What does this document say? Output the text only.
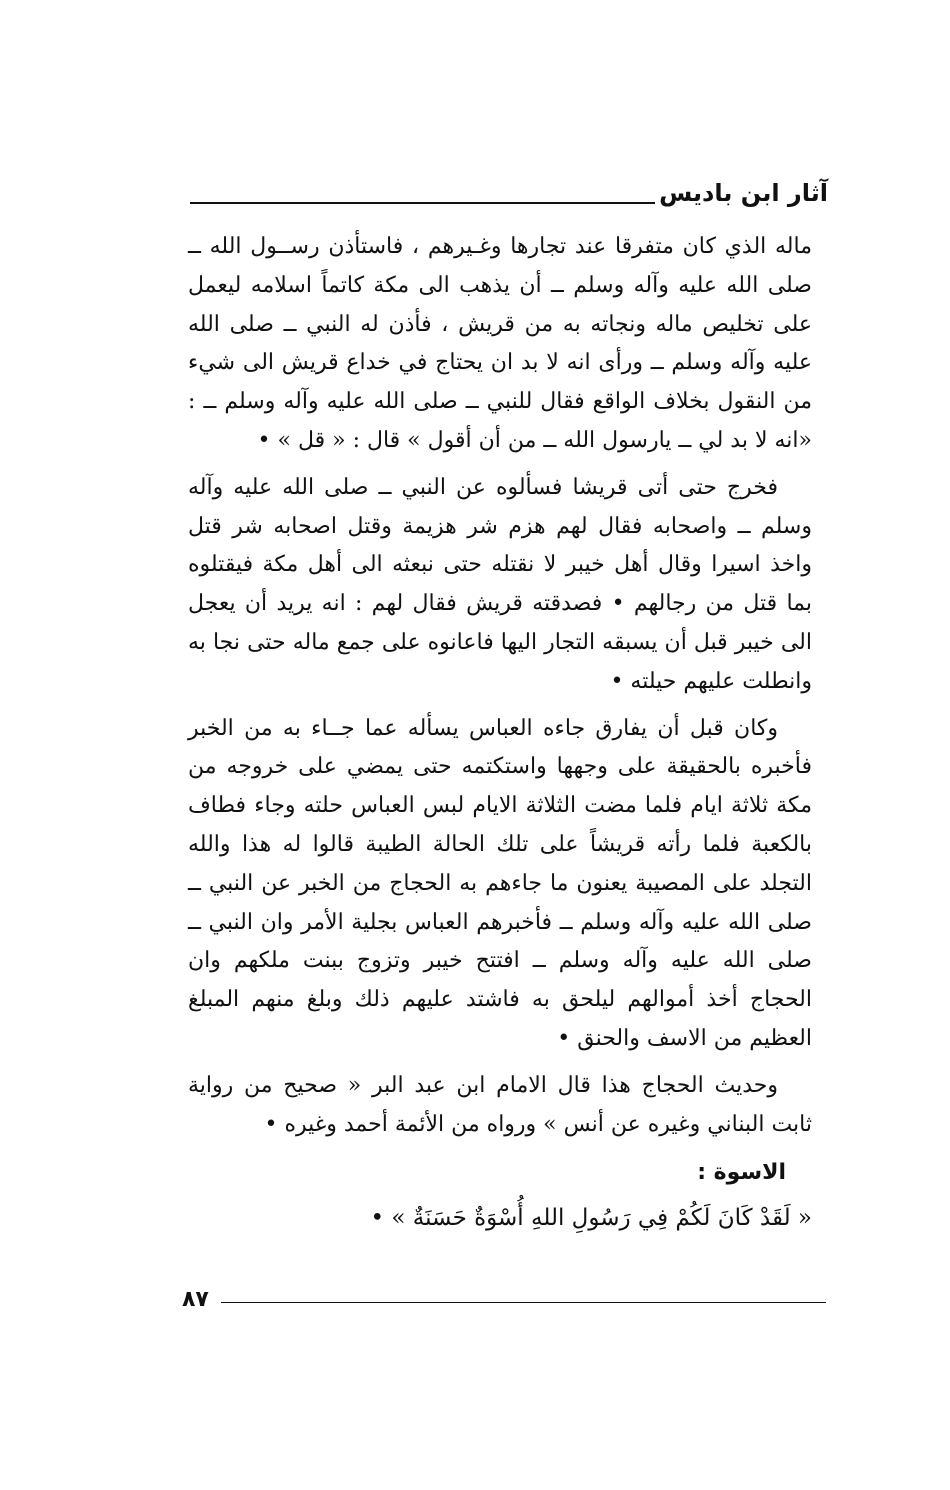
آثار ابن باديس

ماله الذي كان متفرقا عند تجارها وغـيرهم ، فاستأذن رســول الله ــ صلى الله عليه وآله وسلم ــ أن يذهب الى مكة كاتماً اسلامه ليعمل على تخليص ماله ونجاته به من قريش ، فأذن له النبي ــ صلى الله عليه وآله وسلم ــ ورأى انه لا بد ان يحتاج في خداع قريش الى شيء من النقول بخلاف الواقع فقال للنبي ــ صلى الله عليه وآله وسلم ــ : «انه لا بد لي ــ يارسول الله ــ من أن أقول » قال : « قل » •

فخرج حتى أتى قريشا فسألوه عن النبي ــ صلى الله عليه وآله وسلم ــ واصحابه فقال لهم هزم شر هزيمة وقتل اصحابه شر قتل واخذ اسيرا وقال أهل خيبر لا نقتله حتى نبعثه الى أهل مكة فيقتلوه بما قتل من رجالهم • فصدقته قريش فقال لهم : انه يريد أن يعجل الى خيبر قبل أن يسبقه التجار اليها فاعانوه على جمع ماله حتى نجا به وانطلت عليهم حيلته •

وكان قبل أن يفارق جاءه العباس يسأله عما جــاء به من الخبر فأخبره بالحقيقة على وجهها واستكتمه حتى يمضي على خروجه من مكة ثلاثة ايام فلما مضت الثلاثة الايام لبس العباس حلته وجاء فطاف بالكعبة فلما رأته قريشاً على تلك الحالة الطيبة قالوا له هذا والله التجلد على المصيبة يعنون ما جاءهم به الحجاج من الخبر عن النبي ــ صلى الله عليه وآله وسلم ــ فأخبرهم العباس بجلية الأمر وان النبي ــ صلى الله عليه وآله وسلم ــ افتتح خيبر وتزوج ببنت ملكهم وان الحجاج أخذ أموالهم ليلحق به فاشتد عليهم ذلك وبلغ منهم المبلغ العظيم من الاسف والحنق •

وحديث الحجاج هذا قال الامام ابن عبد البر « صحيح من رواية ثابت البناني وغيره عن أنس » ورواه من الأئمة أحمد وغيره •

الاسوة :

« لَقَدْ كَانَ لَكُمْ فِي رَسُولِ اللهِ أُسْوَةٌ حَسَنَةٌ » •

٨٧
